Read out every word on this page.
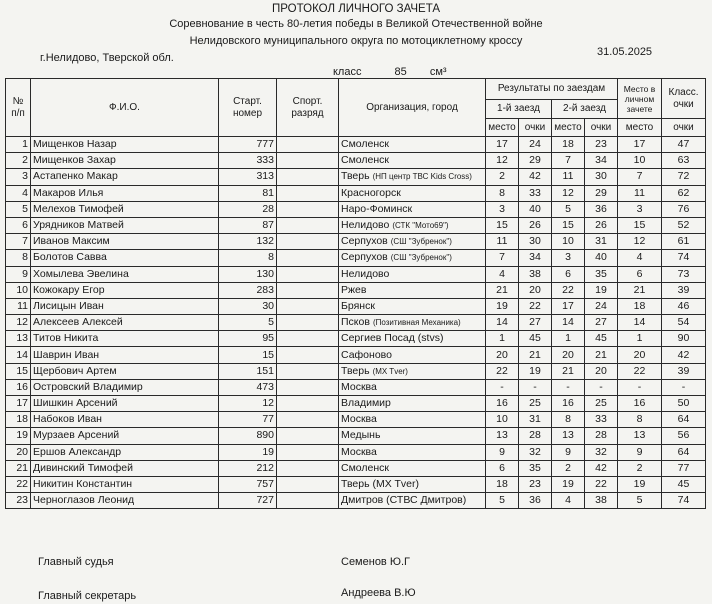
ПРОТОКОЛ ЛИЧНОГО ЗАЧЕТА
Соревнование в честь 80-летия победы в Великой Отечественной войне
Нелидовского муниципального округа по мотоциклетному кроссу
г.Нелидово, Тверской обл.	31.05.2025
класс	85 см³
№ п/п	Ф.И.О.	Старт. номер	Спорт. разряд	Организация, город	Результаты по заездам				Место в личном зачете	Класс. очки
					1-й заезд		2-й заезд			
					место	очки	место	очки	место	очки
1	Мищенков Назар	777		Смоленск	17	24	18	23	17	47
2	Мищенков Захар	333		Смоленск	12	29	7	34	10	63
3	Астапенко Макар	313		Тверь (НП центр ТВС Kids Cross)	2	42	11	30	7	72
4	Макаров Илья	81		Красногорск	8	33	12	29	11	62
5	Мелехов Тимофей	28		Наро-Фоминск	3	40	5	36	3	76
6	Урядников Матвей	87		Нелидово (СТК "Мото69")	15	26	15	26	15	52
7	Иванов Максим	132		Серпухов (СШ "Зубренок")	11	30	10	31	12	61
8	Болотов Савва	8		Серпухов (СШ "Зубренок")	7	34	3	40	4	74
9	Хомылева Эвелина	130		Нелидово	4	38	6	35	6	73
10	Кожокару Егор	283		Ржев	21	20	22	19	21	39
11	Лисицын Иван	30		Брянск	19	22	17	24	18	46
12	Алексеев Алексей	5		Псков (Позитивная Механика)	14	27	14	27	14	54
13	Титов Никита	95		Сергиев Посад (stvs)	1	45	1	45	1	90
14	Шаврин Иван	15		Сафоново	20	21	20	21	20	42
15	Щербович Артем	151		Тверь (MX Tver)	22	19	21	20	22	39
16	Островский Владимир	473		Москва	-	-	-	-	-	-
17	Шишкин Арсений	12		Владимир	16	25	16	25	16	50
18	Набоков Иван	77		Москва	10	31	8	33	8	64
19	Мурзаев Арсений	890		Медынь	13	28	13	28	13	56
20	Ершов Александр	19		Москва	9	32	9	32	9	64
21	Дивинский Тимофей	212		Смоленск	6	35	2	42	2	77
22	Никитин Константин	757		Тверь (MX Tver)	18	23	19	22	19	45
23	Черноглазов Леонид	727		Дмитров (СТВС Дмитров)	5	36	4	38	5	74
Главный судья	Семенов Ю.Г
Главный секретарь	Андреева В.Ю
